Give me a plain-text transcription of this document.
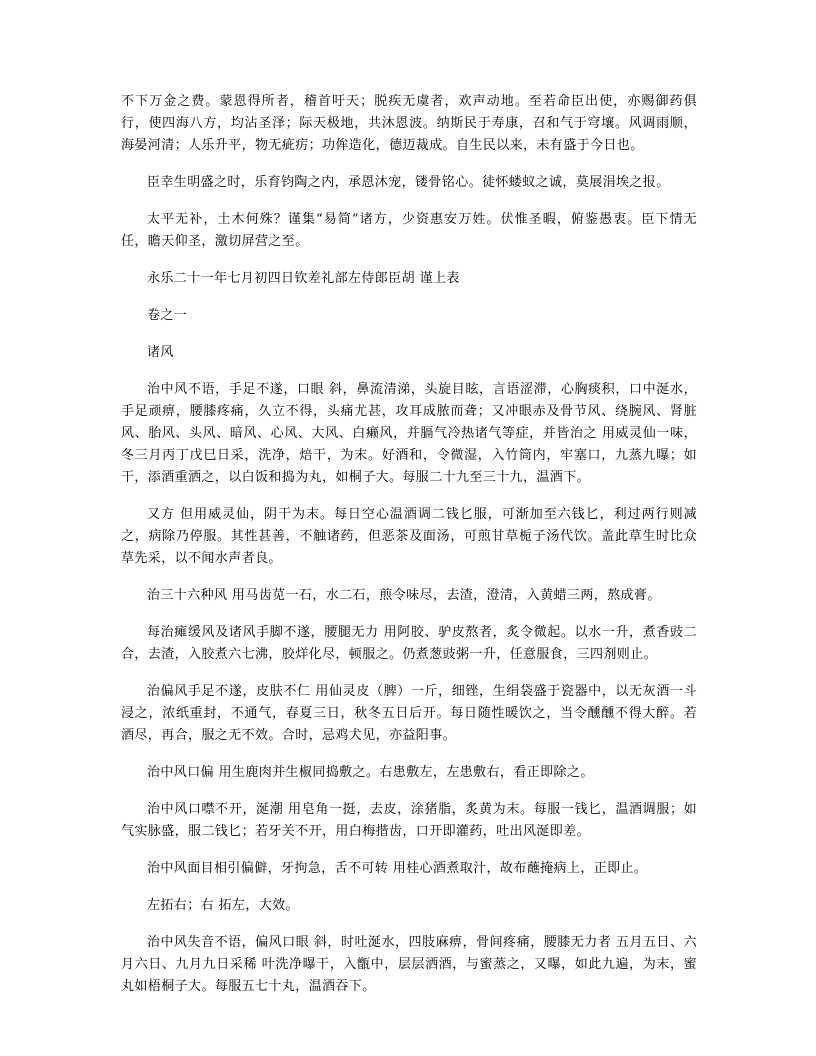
不下万金之费。蒙恩得所者，稽首吁天；脱疾无虞者，欢声动地。至若命臣出使，亦赐御药俱行，使四海八方，均沾圣泽；际天极地，共沐恩波。纳斯民于寿康，召和气于穹壤。风调雨顺，海晏河清；人乐升平，物无疵疠；功侔造化，德迈裁成。自生民以来，未有盛于今日也。

臣幸生明盛之时，乐育钧陶之内，承恩沐宠，镂骨铭心。徒怀蝼蚁之诚，莫展涓埃之报。

太平无补，土木何殊？谨集“易简”诸方，少资惠安万姓。伏惟圣暇，俯鉴愚衷。臣下情无任，瞻天仰圣，激切屏营之至。

永乐二十一年七月初四日钦差礼部左侍郎臣胡 谨上表

卷之一

诸风

治中风不语，手足不遂，口眼 斜，鼻流清涕，头旋目眩，言语涩滞，心胸痰积，口中涎水，手足顽痹，腰膝疼痛，久立不得，头痛尤甚，攻耳成脓而聋；又冲眼赤及骨节风、绕腕风、肾脏风、胎风、头风、暗风、心风、大风、白癞风，并膈气冷热诸气等症，并皆治之 用威灵仙一味，冬三月丙丁戊巳日采，洗净，焙干，为末。好酒和，令微湿，入竹筒内，牢塞口，九蒸九曝；如干，添酒重洒之，以白饭和捣为丸，如桐子大。每服二十九至三十九，温酒下。

又方 但用威灵仙，阴干为末。每日空心温酒调二钱匕服，可渐加至六钱匕，利过两行则减之，病除乃停服。其性甚善，不触诸药，但恶茶及面汤，可煎甘草栀子汤代饮。盖此草生时比众草先采，以不闻水声者良。

治三十六种风 用马齿苋一石，水二石，煎令味尽，去渣，澄清，入黄蜡三两，熬成膏。

每治瘫缓风及诸风手脚不遂，腰腿无力 用阿胶、驴皮熬者，炙令微起。以水一升，煮香豉二合，去渣，入胶煮六七沸，胶烊化尽，顿服之。仍煮葱豉粥一升，任意服食，三四剂则止。

治偏风手足不遂，皮肤不仁 用仙灵皮（脾）一斤，细锉，生绢袋盛于瓷器中，以无灰酒一斗浸之，浓纸重封，不通气，春夏三日，秋冬五日后开。每日随性暖饮之，当令醺醺不得大醉。若酒尽，再合，服之无不效。合时，忌鸡犬见，亦益阳事。

治中风口偏 用生鹿肉并生椒同捣敷之。右患敷左，左患敷右，看正即除之。

治中风口噤不开，涎潮 用皂角一挺，去皮，涂猪脂，炙黄为末。每服一钱匕，温酒调服；如气实脉盛，服二钱匕；若牙关不开，用白梅揩齿，口开即灌药，吐出风涎即差。

治中风面目相引偏僻，牙拘急，舌不可转 用桂心酒煮取汁，故布蘸掩病上，正即止。

左拓右；右 拓左，大效。

治中风失音不语，偏风口眼 斜，时吐涎水，四肢麻痹，骨间疼痛，腰膝无力者 五月五日、六月六日、九月九日采稀 叶洗净曝干，入甑中，层层洒酒，与蜜蒸之，又曝，如此九遍，为末，蜜丸如梧桐子大。每服五七十丸，温酒吞下。
